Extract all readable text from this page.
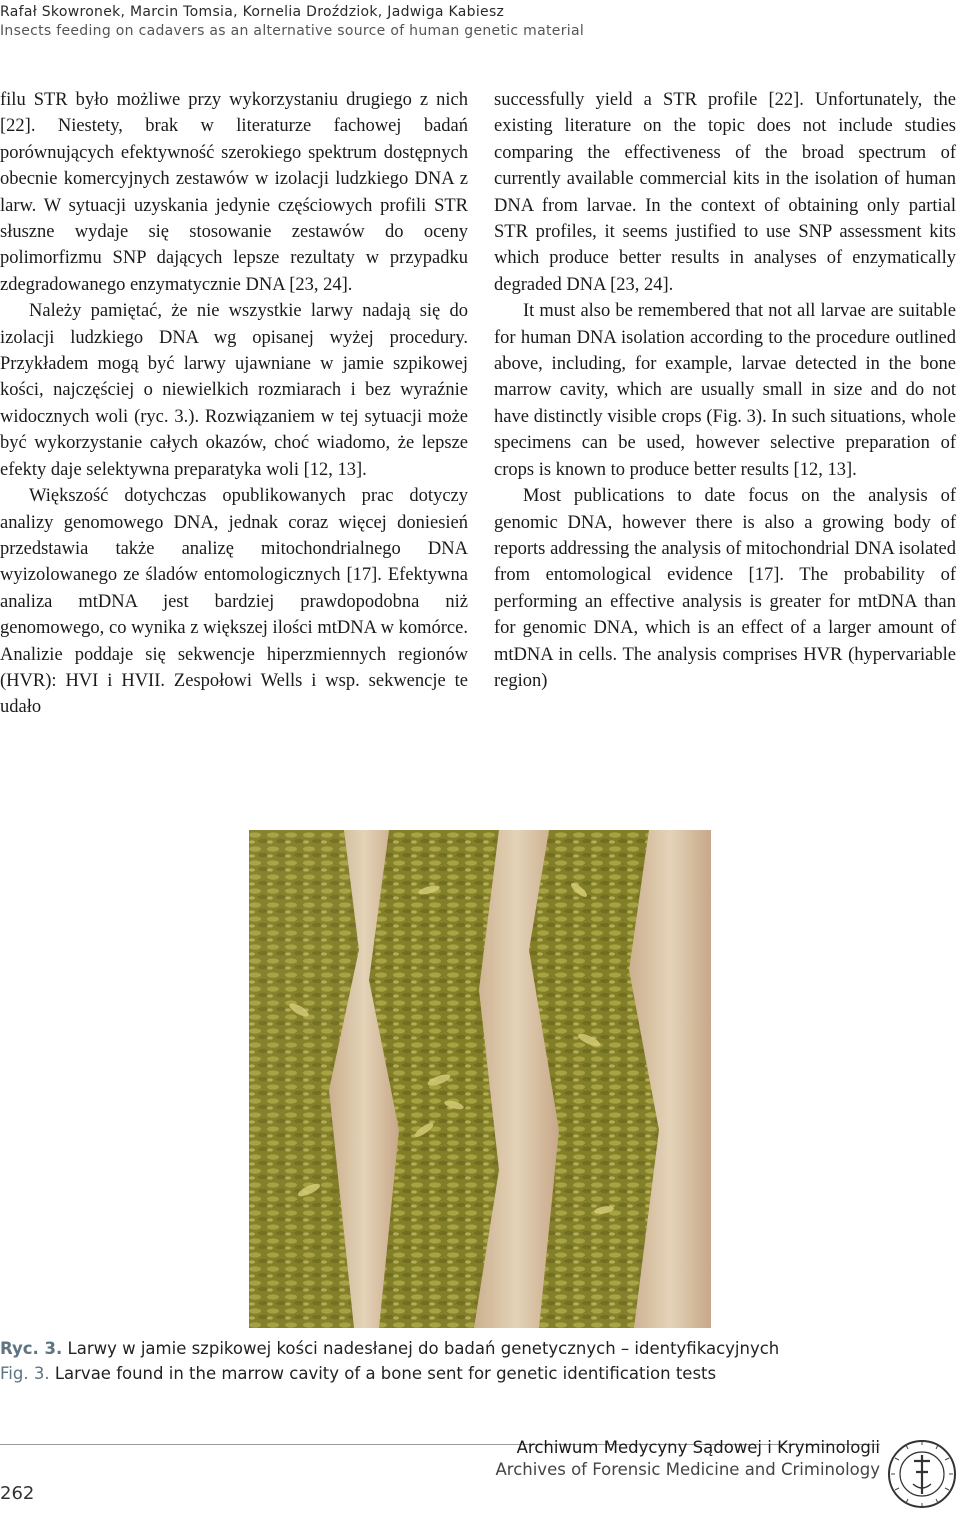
Rafał Skowronek, Marcin Tomsia, Kornelia Droździok, Jadwiga Kabiesz
Insects feeding on cadavers as an alternative source of human genetic material

filu STR było możliwe przy wykorzystaniu drugiego z nich [22]. Niestety, brak w literaturze fachowej badań porównujących efektywność szerokiego spektrum dostępnych obecnie komercyjnych zestawów w izolacji ludzkiego DNA z larw. W sytuacji uzyskania jedynie częściowych profili STR słuszne wydaje się stosowanie zestawów do oceny polimorfizmu SNP dających lepsze rezultaty w przypadku zdegradowanego enzymatycznie DNA [23, 24].

Należy pamiętać, że nie wszystkie larwy nadają się do izolacji ludzkiego DNA wg opisanej wyżej procedury. Przykładem mogą być larwy ujawniane w jamie szpikowej kości, najczęściej o niewielkich rozmiarach i bez wyraźnie widocznych woli (ryc. 3.). Rozwiązaniem w tej sytuacji może być wykorzystanie całych okazów, choć wiadomo, że lepsze efekty daje selektywna preparatyka woli [12, 13].

Większość dotychczas opublikowanych prac dotyczy analizy genomowego DNA, jednak coraz więcej doniesień przedstawia także analizę mitochondrialnego DNA wyizolowanego ze śladów entomologicznych [17]. Efektywna analiza mtDNA jest bardziej prawdopodobna niż genomowego, co wynika z większej ilości mtDNA w komórce. Analizie poddaje się sekwencje hiperzmiennych regionów (HVR): HVI i HVII. Zespołowi Wells i wsp. sekwencje te udało

successfully yield a STR profile [22]. Unfortunately, the existing literature on the topic does not include studies comparing the effectiveness of the broad spectrum of currently available commercial kits in the isolation of human DNA from larvae. In the context of obtaining only partial STR profiles, it seems justified to use SNP assessment kits which produce better results in analyses of enzymatically degraded DNA [23, 24].

It must also be remembered that not all larvae are suitable for human DNA isolation according to the procedure outlined above, including, for example, larvae detected in the bone marrow cavity, which are usually small in size and do not have distinctly visible crops (Fig. 3). In such situations, whole specimens can be used, however selective preparation of crops is known to produce better results [12, 13].

Most publications to date focus on the analysis of genomic DNA, however there is also a growing body of reports addressing the analysis of mitochondrial DNA isolated from entomological evidence [17]. The probability of performing an effective analysis is greater for mtDNA than for genomic DNA, which is an effect of a larger amount of mtDNA in cells. The analysis comprises HVR (hypervariable region)

Ryc. 3. Larwy w jamie szpikowej kości nadesłanej do badań genetycznych – identyfikacyjnych
Fig. 3. Larvae found in the marrow cavity of a bone sent for genetic identification tests
262
Archiwum Medycyny Sądowej i Kryminologii
Archives of Forensic Medicine and Criminology
